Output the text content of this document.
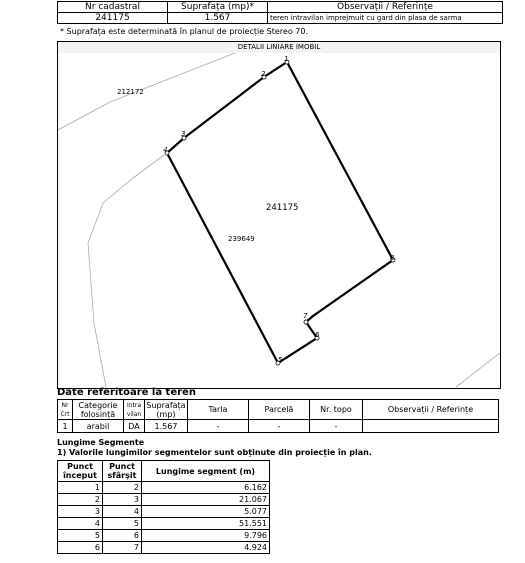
Nr cadastral	Suprafața (mp)*	Observații / Referințe
241175	1.567	teren intravilan imprejmuit cu gard din plasa de sarma
* Suprafața este determinată în planul de proiecție Stereo 70.
DETALII LINIARE IMOBIL
1
2
3
4
5
6
7
8
212172
241175
239649
Date referitoare la teren
Nr Crt	Categorie folosință	Intra vilan	Suprafața (mp)	Tarla	Parcelă	Nr. topo	Observații / Referințe
1	arabil	DA	1.567	-	-	-	
Lungime Segmente
1) Valorile lungimilor segmentelor sunt obținute din proiecție în plan.
Punct început	Punct sfârșit	Lungime segment (m)
1	2	6.162
2	3	21.067
3	4	5.077
4	5	51.551
5	6	9.796
6	7	4.924
